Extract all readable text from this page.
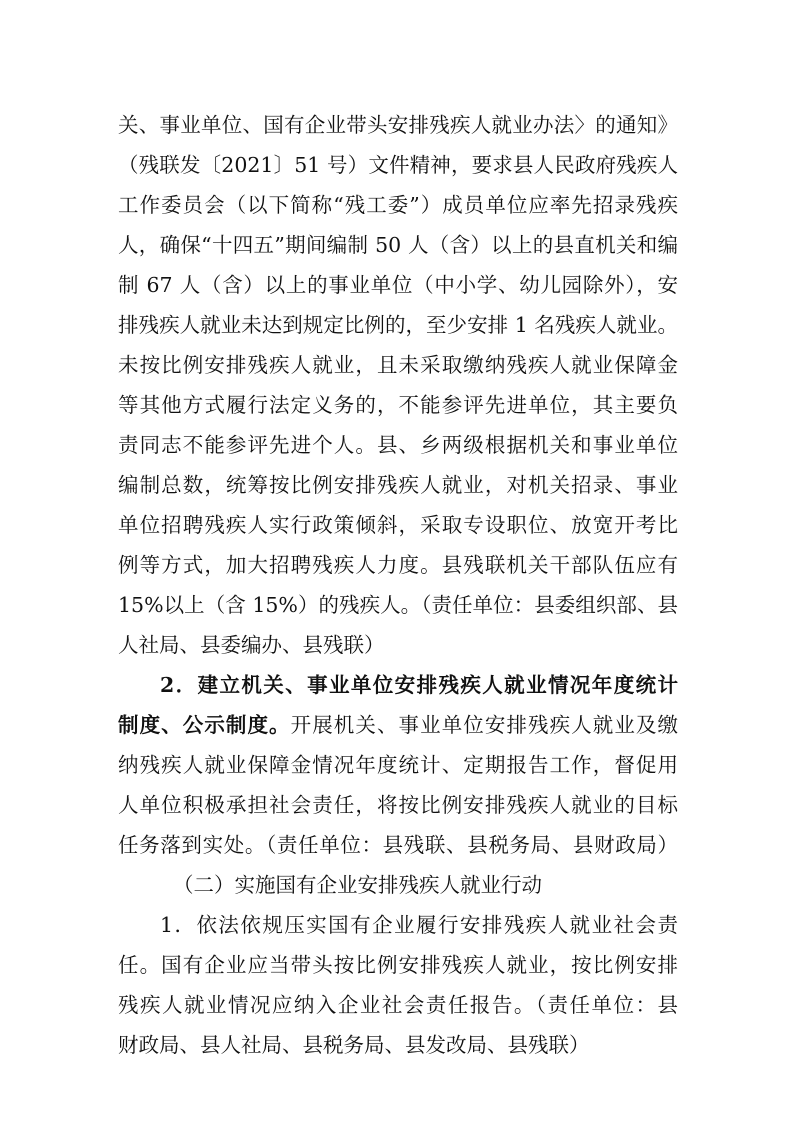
关、事业单位、国有企业带头安排残疾人就业办法〉的通知》
（残联发〔2021〕51 号）文件精神，要求县人民政府残疾人
工作委员会（以下简称“残工委”）成员单位应率先招录残疾
人，确保“十四五”期间编制 50 人（含）以上的县直机关和编
制 67 人（含）以上的事业单位（中小学、幼儿园除外），安
排残疾人就业未达到规定比例的，至少安排 1 名残疾人就业。
未按比例安排残疾人就业，且未采取缴纳残疾人就业保障金
等其他方式履行法定义务的，不能参评先进单位，其主要负
责同志不能参评先进个人。县、乡两级根据机关和事业单位
编制总数，统筹按比例安排残疾人就业，对机关招录、事业
单位招聘残疾人实行政策倾斜，采取专设职位、放宽开考比
例等方式，加大招聘残疾人力度。县残联机关干部队伍应有
15%以上（含 15%）的残疾人。（责任单位：县委组织部、县
人社局、县委编办、县残联）
2．建立机关、事业单位安排残疾人就业情况年度统计
制度、公示制度。开展机关、事业单位安排残疾人就业及缴
纳残疾人就业保障金情况年度统计、定期报告工作，督促用
人单位积极承担社会责任，将按比例安排残疾人就业的目标
任务落到实处。（责任单位：县残联、县税务局、县财政局）
（二）实施国有企业安排残疾人就业行动
1．依法依规压实国有企业履行安排残疾人就业社会责
任。国有企业应当带头按比例安排残疾人就业，按比例安排
残疾人就业情况应纳入企业社会责任报告。（责任单位：县
财政局、县人社局、县税务局、县发改局、县残联）
